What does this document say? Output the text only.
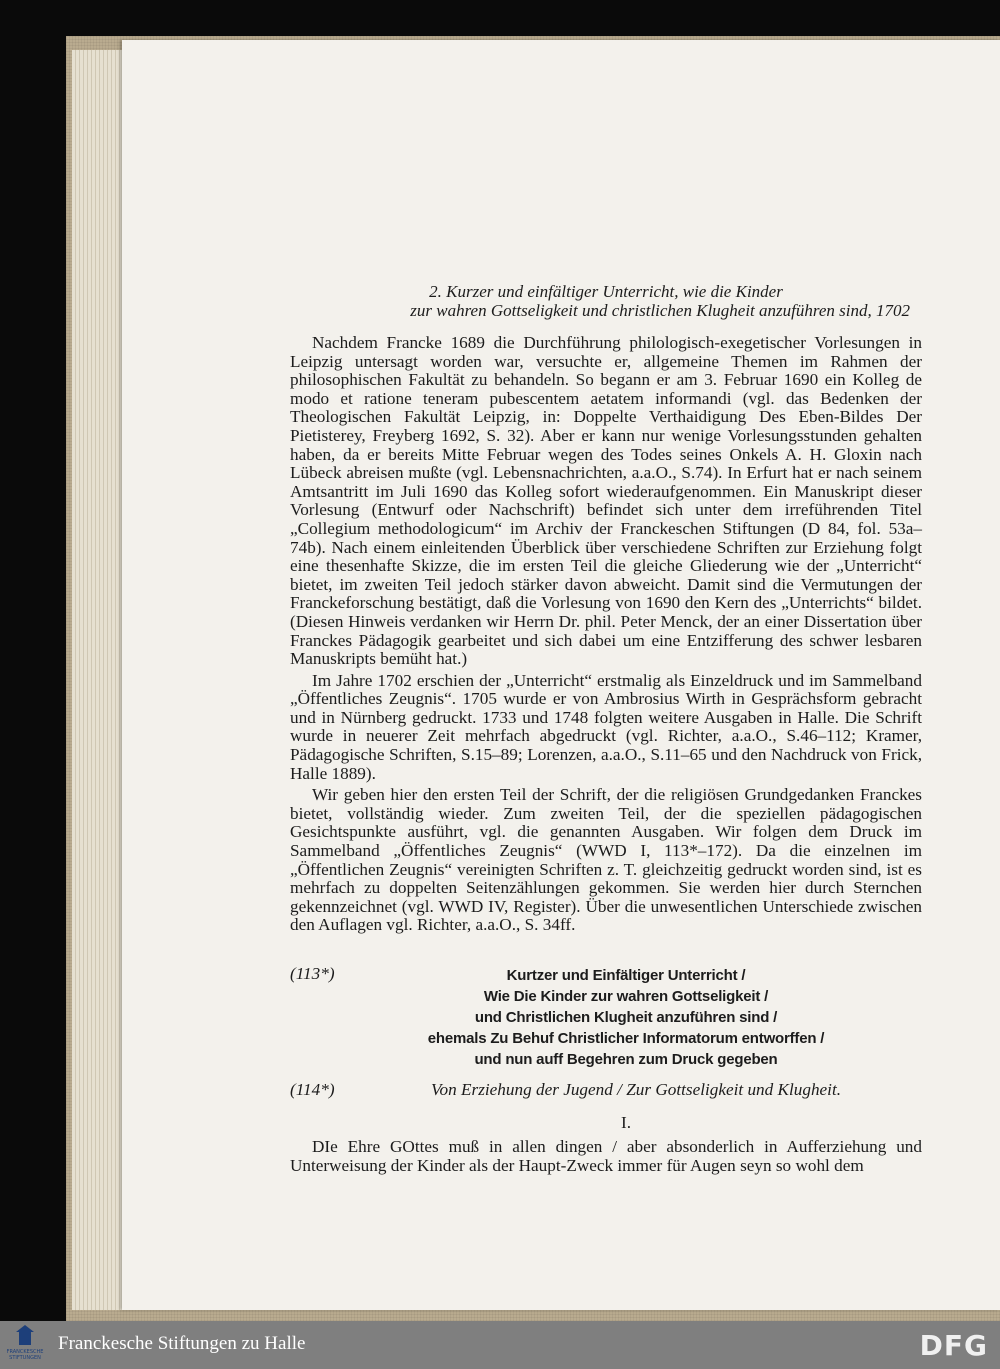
2. Kurzer und einfältiger Unterricht, wie die Kinder
zur wahren Gottseligkeit und christlichen Klugheit anzuführen sind, 1702

Nachdem Francke 1689 die Durchführung philologisch-exegetischer Vorlesungen in Leipzig untersagt worden war, versuchte er, allgemeine Themen im Rahmen der philosophischen Fakultät zu behandeln. So begann er am 3. Februar 1690 ein Kolleg de modo et ratione teneram pubescentem aetatem informandi (vgl. das Bedenken der Theologischen Fakultät Leipzig, in: Doppelte Verthaidigung Des Eben-Bildes Der Pietisterey, Freyberg 1692, S. 32). Aber er kann nur wenige Vorlesungsstunden gehalten haben, da er bereits Mitte Februar wegen des Todes seines Onkels A. H. Gloxin nach Lübeck abreisen mußte (vgl. Lebensnachrichten, a.a.O., S.74). In Erfurt hat er nach seinem Amtsantritt im Juli 1690 das Kolleg sofort wiederaufgenommen. Ein Manuskript dieser Vorlesung (Entwurf oder Nachschrift) befindet sich unter dem irreführenden Titel „Collegium methodologicum“ im Archiv der Franckeschen Stiftungen (D 84, fol. 53a–74b). Nach einem einleitenden Überblick über verschiedene Schriften zur Erziehung folgt eine thesenhafte Skizze, die im ersten Teil die gleiche Gliederung wie der „Unterricht“ bietet, im zweiten Teil jedoch stärker davon abweicht. Damit sind die Vermutungen der Franckeforschung bestätigt, daß die Vorlesung von 1690 den Kern des „Unterrichts“ bildet. (Diesen Hinweis verdanken wir Herrn Dr. phil. Peter Menck, der an einer Dissertation über Franckes Pädagogik gearbeitet und sich dabei um eine Entzifferung des schwer lesbaren Manuskripts bemüht hat.)

Im Jahre 1702 erschien der „Unterricht“ erstmalig als Einzeldruck und im Sammelband „Öffentliches Zeugnis“. 1705 wurde er von Ambrosius Wirth in Gesprächsform gebracht und in Nürnberg gedruckt. 1733 und 1748 folgten weitere Ausgaben in Halle. Die Schrift wurde in neuerer Zeit mehrfach abgedruckt (vgl. Richter, a.a.O., S.46–112; Kramer, Pädagogische Schriften, S.15–89; Lorenzen, a.a.O., S.11–65 und den Nachdruck von Frick, Halle 1889).

Wir geben hier den ersten Teil der Schrift, der die religiösen Grundgedanken Franckes bietet, vollständig wieder. Zum zweiten Teil, der die speziellen pädagogischen Gesichtspunkte ausführt, vgl. die genannten Ausgaben. Wir folgen dem Druck im Sammelband „Öffentliches Zeugnis“ (WWD I, 113*–172). Da die einzelnen im „Öffentlichen Zeugnis“ vereinigten Schriften z. T. gleichzeitig gedruckt worden sind, ist es mehrfach zu doppelten Seitenzählungen gekommen. Sie werden hier durch Sternchen gekennzeichnet (vgl. WWD IV, Register). Über die unwesentlichen Unterschiede zwischen den Auflagen vgl. Richter, a.a.O., S. 34ff.

(113*)	Kurtzer und Einfältiger Unterricht /
Wie Die Kinder zur wahren Gottseligkeit /
und Christlichen Klugheit anzuführen sind /
ehemals Zu Behuf Christlicher Informatorum entworffen /
und nun auff Begehren zum Druck gegeben
(114*)	Von Erziehung der Jugend / Zur Gottseligkeit und Klugheit.
I.

DIe Ehre GOttes muß in allen dingen / aber absonderlich in Aufferziehung und Unterweisung der Kinder als der Haupt-Zweck immer für Augen seyn so wohl dem

FRANCKESCHE STIFTUNGEN
Franckesche Stiftungen zu Halle	DFG
